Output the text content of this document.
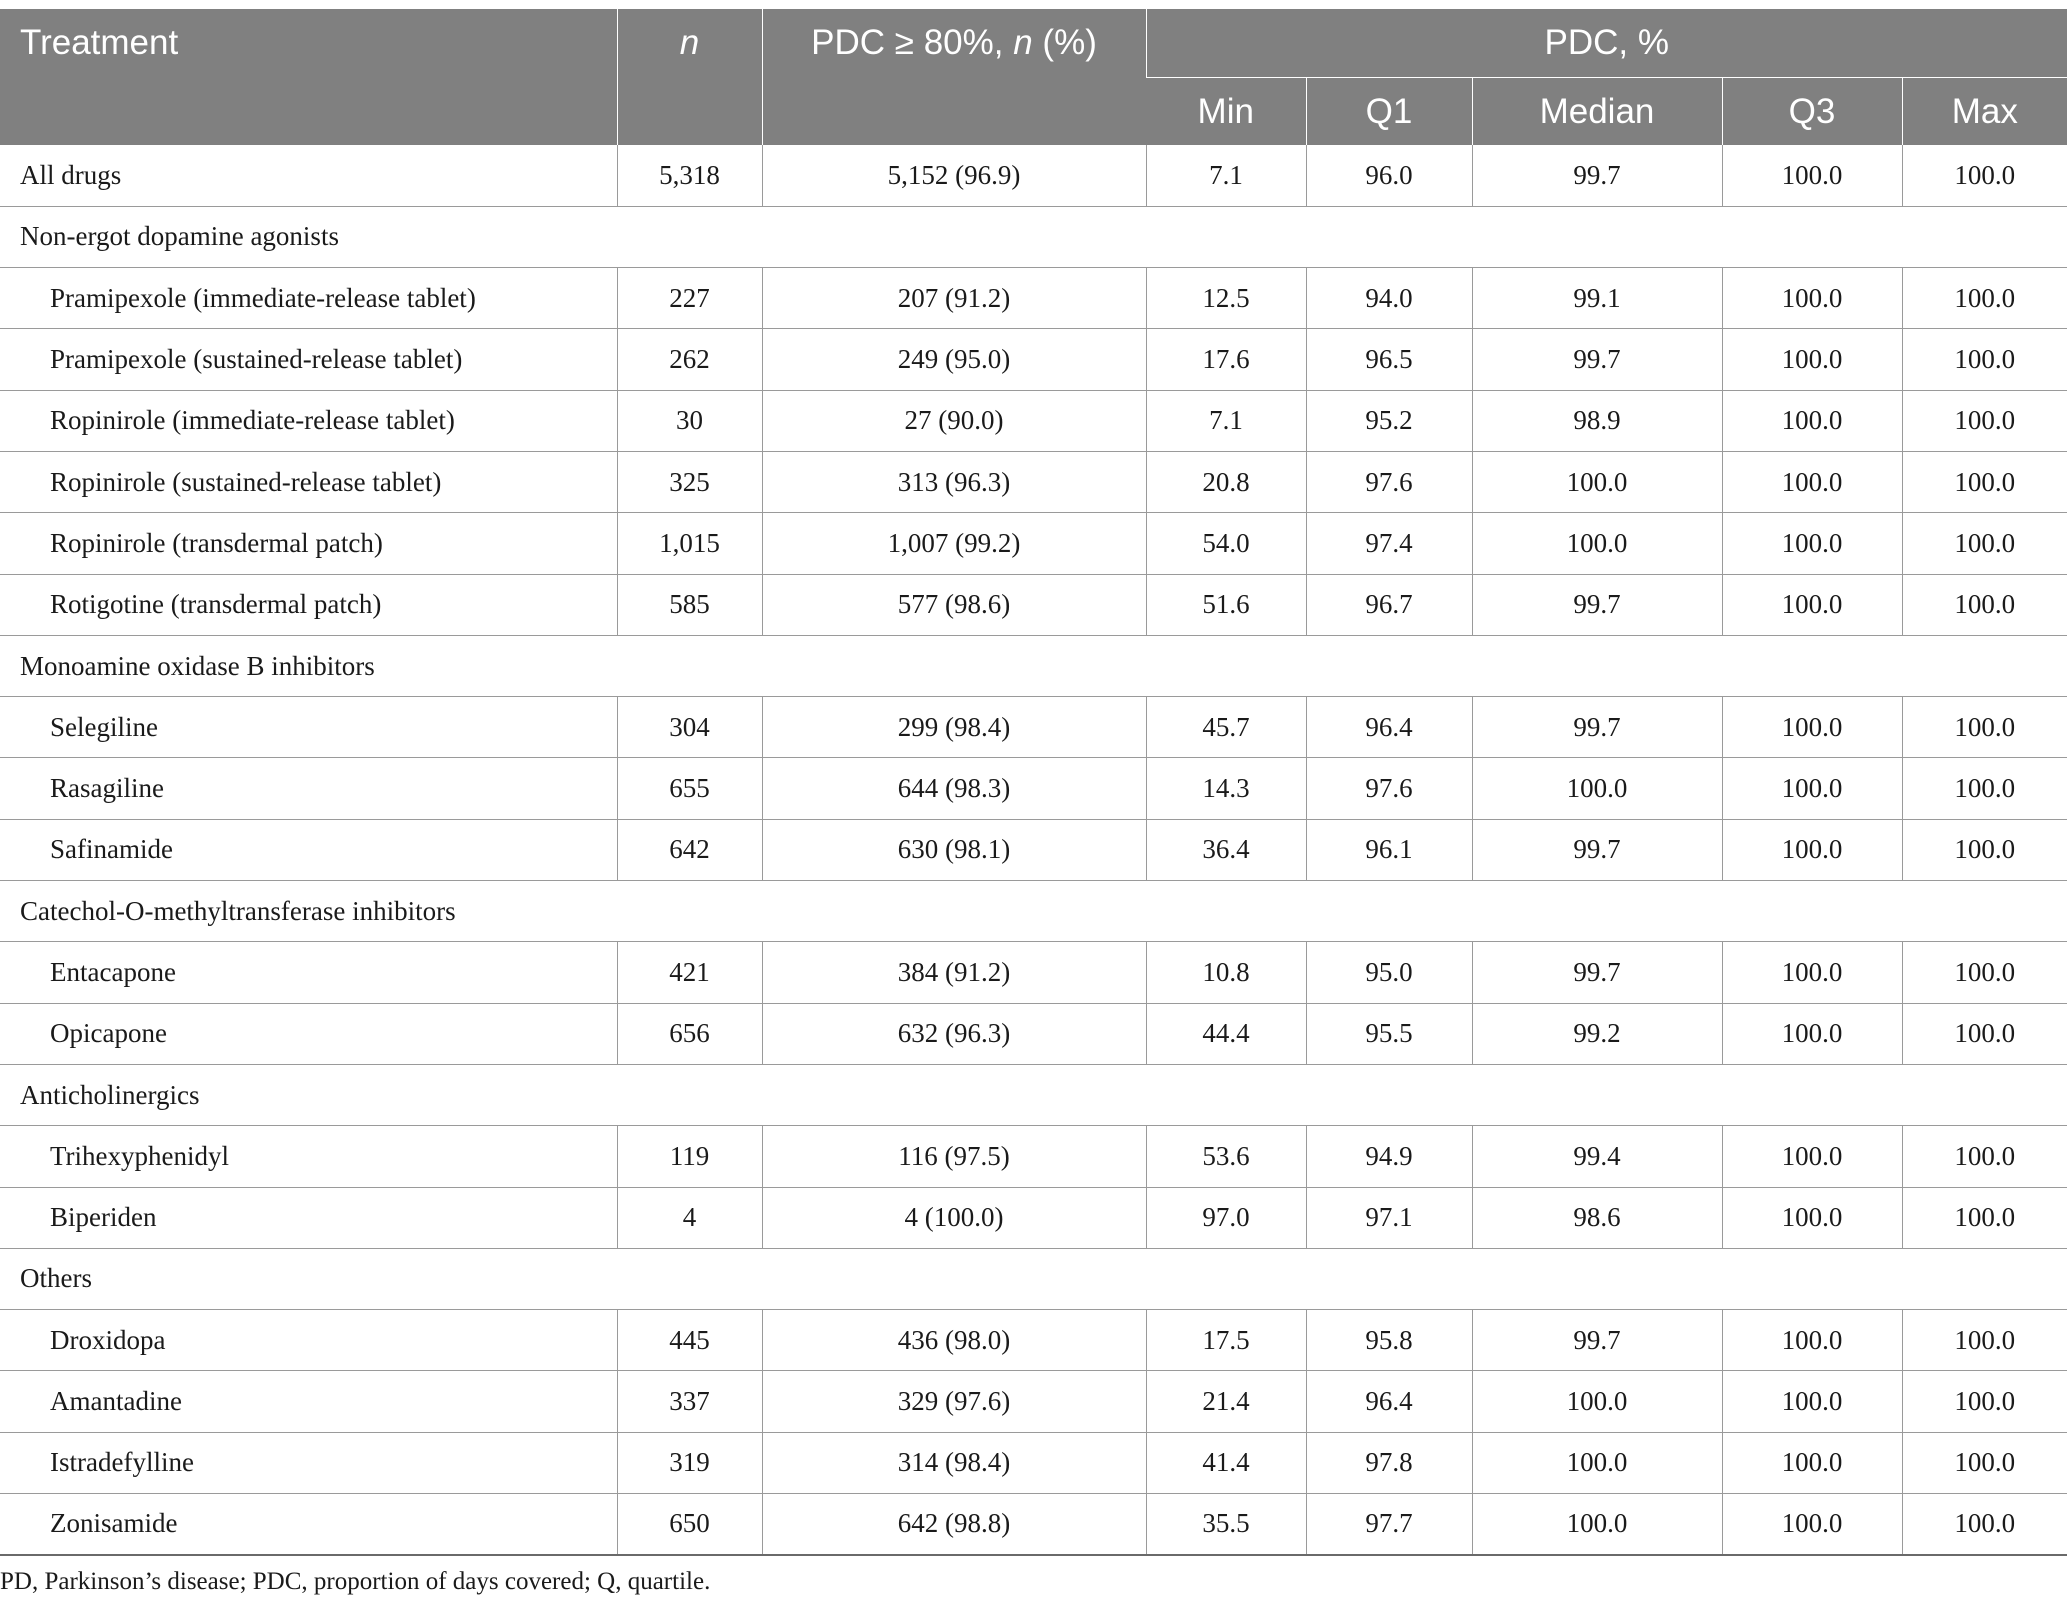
Treatment	n	PDC ≥ 80%, n (%)	PDC, %				
			Min	Q1	Median	Q3	Max
All drugs	5,318	5,152 (96.9)	7.1	96.0	99.7	100.0	100.0
Non-ergot dopamine agonists							
Pramipexole (immediate-release tablet)	227	207 (91.2)	12.5	94.0	99.1	100.0	100.0
Pramipexole (sustained-release tablet)	262	249 (95.0)	17.6	96.5	99.7	100.0	100.0
Ropinirole (immediate-release tablet)	30	27 (90.0)	7.1	95.2	98.9	100.0	100.0
Ropinirole (sustained-release tablet)	325	313 (96.3)	20.8	97.6	100.0	100.0	100.0
Ropinirole (transdermal patch)	1,015	1,007 (99.2)	54.0	97.4	100.0	100.0	100.0
Rotigotine (transdermal patch)	585	577 (98.6)	51.6	96.7	99.7	100.0	100.0
Monoamine oxidase B inhibitors							
Selegiline	304	299 (98.4)	45.7	96.4	99.7	100.0	100.0
Rasagiline	655	644 (98.3)	14.3	97.6	100.0	100.0	100.0
Safinamide	642	630 (98.1)	36.4	96.1	99.7	100.0	100.0
Catechol-O-methyltransferase inhibitors							
Entacapone	421	384 (91.2)	10.8	95.0	99.7	100.0	100.0
Opicapone	656	632 (96.3)	44.4	95.5	99.2	100.0	100.0
Anticholinergics							
Trihexyphenidyl	119	116 (97.5)	53.6	94.9	99.4	100.0	100.0
Biperiden	4	4 (100.0)	97.0	97.1	98.6	100.0	100.0
Others							
Droxidopa	445	436 (98.0)	17.5	95.8	99.7	100.0	100.0
Amantadine	337	329 (97.6)	21.4	96.4	100.0	100.0	100.0
Istradefylline	319	314 (98.4)	41.4	97.8	100.0	100.0	100.0
Zonisamide	650	642 (98.8)	35.5	97.7	100.0	100.0	100.0
PD, Parkinson’s disease; PDC, proportion of days covered; Q, quartile.
